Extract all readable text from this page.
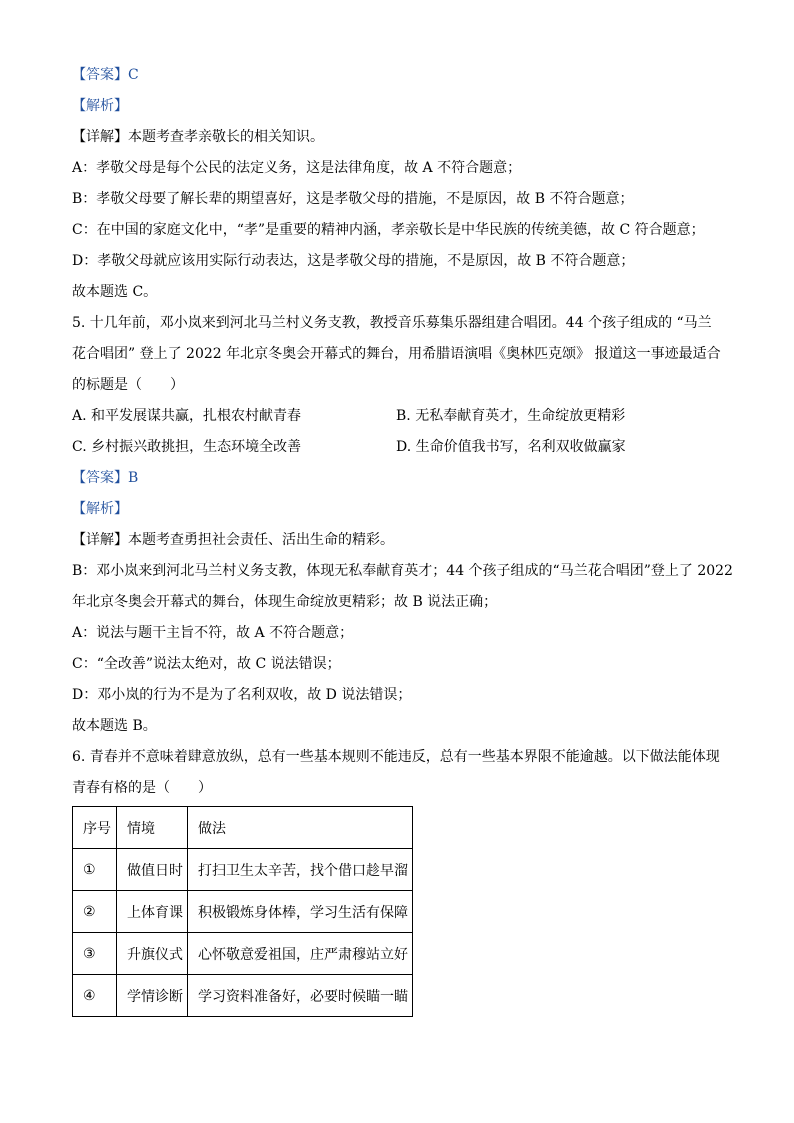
【答案】C
【解析】
【详解】本题考查孝亲敬长的相关知识。
A：孝敬父母是每个公民的法定义务，这是法律角度，故 A 不符合题意；
B：孝敬父母要了解长辈的期望喜好，这是孝敬父母的措施，不是原因，故 B 不符合题意；
C：在中国的家庭文化中，“孝”是重要的精神内涵，孝亲敬长是中华民族的传统美德，故 C 符合题意；
D：孝敬父母就应该用实际行动表达，这是孝敬父母的措施，不是原因，故 B 不符合题意；
故本题选 C。
5. 十几年前，邓小岚来到河北马兰村义务支教，教授音乐募集乐器组建合唱团。44 个孩子组成的 “马兰
花合唱团” 登上了 2022 年北京冬奥会开幕式的舞台，用希腊语演唱《奥林匹克颂》 报道这一事迹最适合
的标题是（　　）
A. 和平发展谋共赢，扎根农村献青春	B. 无私奉献育英才，生命绽放更精彩
C. 乡村振兴敢挑担，生态环境全改善	D. 生命价值我书写，名利双收做赢家
【答案】B
【解析】
【详解】本题考查勇担社会责任、活出生命的精彩。
B：邓小岚来到河北马兰村义务支教，体现无私奉献育英才；44 个孩子组成的“马兰花合唱团”登上了 2022
年北京冬奥会开幕式的舞台，体现生命绽放更精彩；故 B 说法正确；
A：说法与题干主旨不符，故 A 不符合题意；
C：“全改善”说法太绝对，故 C 说法错误；
D：邓小岚的行为不是为了名利双收，故 D 说法错误；
故本题选 B。
6. 青春并不意味着肆意放纵，总有一些基本规则不能违反，总有一些基本界限不能逾越。以下做法能体现
青春有格的是（　　）
序号	情境	做法
①	做值日时	打扫卫生太辛苦，找个借口趁早溜
②	上体育课	积极锻炼身体棒，学习生活有保障
③	升旗仪式	心怀敬意爱祖国，庄严肃穆站立好
④	学情诊断	学习资料准备好，必要时候瞄一瞄
